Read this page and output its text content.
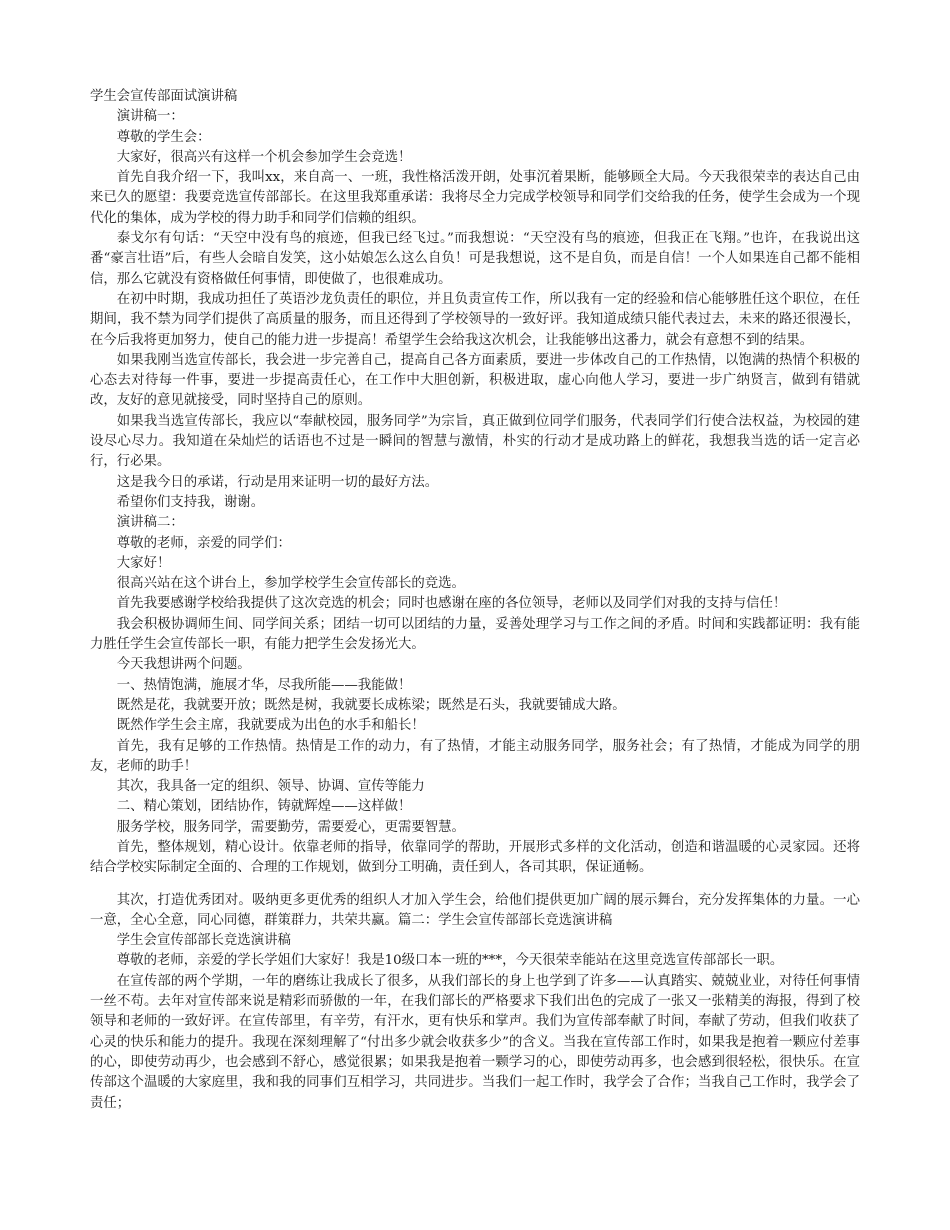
学生会宣传部面试演讲稿

演讲稿一：

尊敬的学生会：

大家好，很高兴有这样一个机会参加学生会竞选！

首先自我介绍一下，我叫xx，来自高一、一班，我性格活泼开朗，处事沉着果断，能够顾全大局。今天我很荣幸的表达自己由来已久的愿望：我要竞选宣传部部长。在这里我郑重承诺：我将尽全力完成学校领导和同学们交给我的任务，使学生会成为一个现代化的集体，成为学校的得力助手和同学们信赖的组织。

泰戈尔有句话：“天空中没有鸟的痕迹，但我已经飞过。”而我想说：“天空没有鸟的痕迹，但我正在飞翔。”也许，在我说出这番“豪言壮语”后，有些人会暗自发笑，这小姑娘怎么这么自负！可是我想说，这不是自负，而是自信！一个人如果连自己都不能相信，那么它就没有资格做任何事情，即使做了，也很难成功。

在初中时期，我成功担任了英语沙龙负责任的职位，并且负责宣传工作，所以我有一定的经验和信心能够胜任这个职位，在任期间，我不禁为同学们提供了高质量的服务，而且还得到了学校领导的一致好评。我知道成绩只能代表过去，未来的路还很漫长，在今后我将更加努力，使自己的能力进一步提高！希望学生会给我这次机会，让我能够出这番力，就会有意想不到的结果。

如果我刚当选宣传部长，我会进一步完善自己，提高自己各方面素质，要进一步体改自己的工作热情，以饱满的热情个积极的心态去对待每一件事，要进一步提高责任心，在工作中大胆创新，积极进取，虚心向他人学习，要进一步广纳贤言，做到有错就改，友好的意见就接受，同时坚持自己的原则。

如果我当选宣传部长，我应以“奉献校园，服务同学”为宗旨，真正做到位同学们服务，代表同学们行使合法权益，为校园的建设尽心尽力。我知道在朵灿烂的话语也不过是一瞬间的智慧与激情，朴实的行动才是成功路上的鲜花，我想我当选的话一定言必行，行必果。

这是我今日的承诺，行动是用来证明一切的最好方法。

希望你们支持我，谢谢。

演讲稿二：

尊敬的老师，亲爱的同学们：

大家好！

很高兴站在这个讲台上，参加学校学生会宣传部长的竞选。

首先我要感谢学校给我提供了这次竞选的机会；同时也感谢在座的各位领导，老师以及同学们对我的支持与信任！

我会积极协调师生间、同学间关系；团结一切可以团结的力量，妥善处理学习与工作之间的矛盾。时间和实践都证明：我有能力胜任学生会宣传部长一职，有能力把学生会发扬光大。

今天我想讲两个问题。

一、热情饱满，施展才华，尽我所能——我能做！

既然是花，我就要开放；既然是树，我就要长成栋梁；既然是石头，我就要铺成大路。

既然作学生会主席，我就要成为出色的水手和船长！

首先，我有足够的工作热情。热情是工作的动力，有了热情，才能主动服务同学，服务社会；有了热情，才能成为同学的朋友，老师的助手！

其次，我具备一定的组织、领导、协调、宣传等能力

二、精心策划，团结协作，铸就辉煌——这样做！

服务学校，服务同学，需要勤劳，需要爱心，更需要智慧。

首先，整体规划，精心设计。依靠老师的指导，依靠同学的帮助，开展形式多样的文化活动，创造和谐温暖的心灵家园。还将结合学校实际制定全面的、合理的工作规划，做到分工明确，责任到人，各司其职，保证通畅。

其次，打造优秀团对。吸纳更多更优秀的组织人才加入学生会，给他们提供更加广阔的展示舞台，充分发挥集体的力量。一心一意，全心全意，同心同德，群策群力，共荣共赢。篇二：学生会宣传部部长竞选演讲稿

学生会宣传部部长竞选演讲稿

尊敬的老师，亲爱的学长学姐们大家好！我是10级口本一班的***，今天很荣幸能站在这里竞选宣传部部长一职。

在宣传部的两个学期，一年的磨练让我成长了很多，从我们部长的身上也学到了许多——认真踏实、兢兢业业，对待任何事情一丝不苟。去年对宣传部来说是精彩而骄傲的一年，在我们部长的严格要求下我们出色的完成了一张又一张精美的海报，得到了校领导和老师的一致好评。在宣传部里，有辛劳，有汗水，更有快乐和掌声。我们为宣传部奉献了时间，奉献了劳动，但我们收获了心灵的快乐和能力的提升。我现在深刻理解了“付出多少就会收获多少”的含义。当我在宣传部工作时，如果我是抱着一颗应付差事的心，即使劳动再少，也会感到不舒心，感觉很累；如果我是抱着一颗学习的心，即使劳动再多，也会感到很轻松，很快乐。在宣传部这个温暖的大家庭里，我和我的同事们互相学习，共同进步。当我们一起工作时，我学会了合作；当我自己工作时，我学会了责任；
